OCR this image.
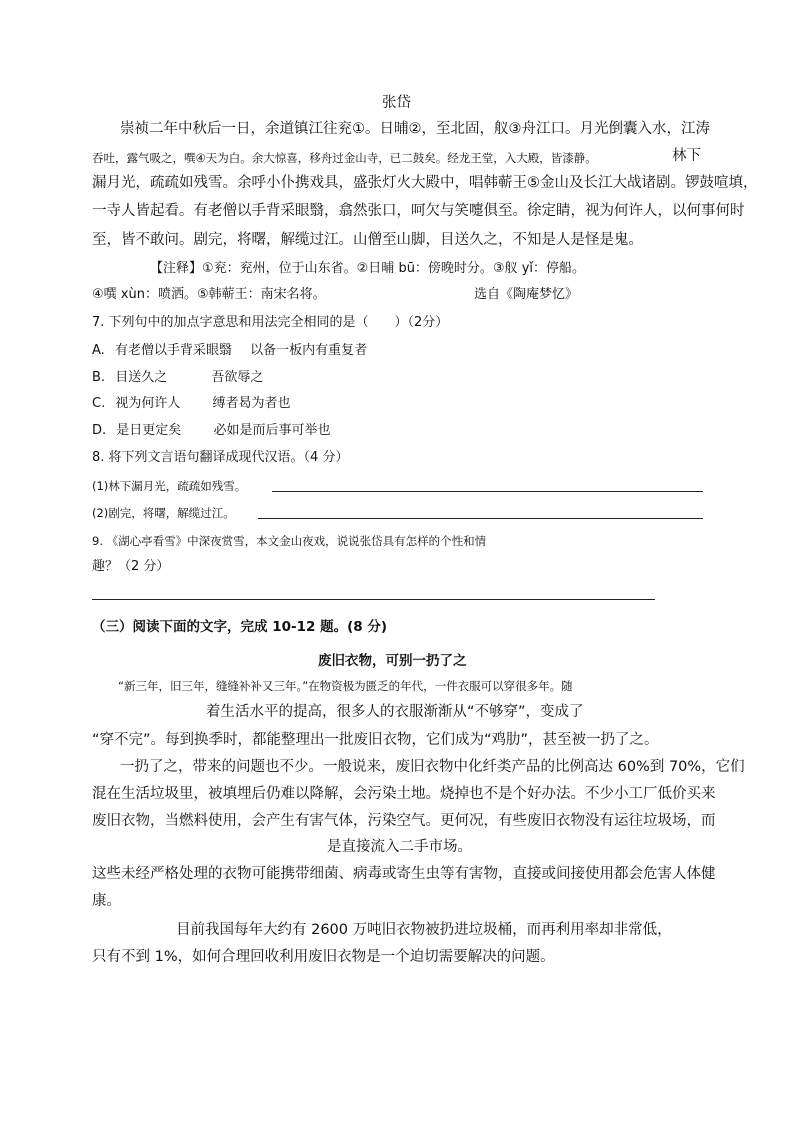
张岱
崇祯二年中秋后一日，余道镇江往兖①。日晡②，至北固，舣③舟江口。月光倒囊入水，江涛
吞吐，露气吸之，噀④天为白。余大惊喜，移舟过金山寺，已二鼓矣。经龙王堂，入大殿，皆漆静。	林下
漏月光，疏疏如残雪。余呼小仆携戏具，盛张灯火大殿中，唱韩蕲王⑤金山及长江大战诸剧。锣鼓喧填，
一寺人皆起看。有老僧以手背采眼翳，翕然张口，呵欠与笑嚏俱至。徐定睛，视为何许人，以何事何时
至，皆不敢问。剧完，将曙，解缆过江。山僧至山脚，目送久之，不知是人是怪是鬼。
【注释】①兖：兖州，位于山东省。②日晡 bū：傍晚时分。③舣 yǐ：停船。
④噀 xùn：喷洒。⑤韩蕲王：南宋名将。	选自《陶庵梦忆》
7. 下列句中的加点字意思和用法完全相同的是（　　）（2分）
A. 有老僧以手背采眼翳 以备一板内有重复者
B. 目送久之	吾欲辱之
C. 视为何许人 缚者曷为者也
D. 是日更定矣 必如是而后事可举也
8. 将下列文言语句翻译成现代汉语。（4 分）
(1)林下漏月光，疏疏如残雪。
(2)剧完，将曙，解缆过江。
9. 《湖心亭看雪》中深夜赏雪，本文金山夜戏，说说张岱具有怎样的个性和情
趣？（2 分）
（三）阅读下面的文字，完成 10-12 题。(8 分)
废旧衣物，可别一扔了之
“新三年，旧三年，缝缝补补又三年。”在物资极为匮乏的年代，一件衣服可以穿很多年。随
着生活水平的提高，很多人的衣服渐渐从“不够穿”，变成了
“穿不完”。每到换季时，都能整理出一批废旧衣物，它们成为“鸡肋”，甚至被一扔了之。
一扔了之，带来的问题也不少。一般说来，废旧衣物中化纤类产品的比例高达 60%到 70%，它们
混在生活垃圾里，被填埋后仍难以降解，会污染土地。烧掉也不是个好办法。不少小工厂低价买来
废旧衣物，当燃料使用，会产生有害气体，污染空气。更何况，有些废旧衣物没有运往垃圾场，而
是直接流入二手市场。
这些未经严格处理的衣物可能携带细菌、病毒或寄生虫等有害物，直接或间接使用都会危害人体健
康。
目前我国每年大约有 2600 万吨旧衣物被扔进垃圾桶，而再利用率却非常低，
只有不到 1%，如何合理回收利用废旧衣物是一个迫切需要解决的问题。
